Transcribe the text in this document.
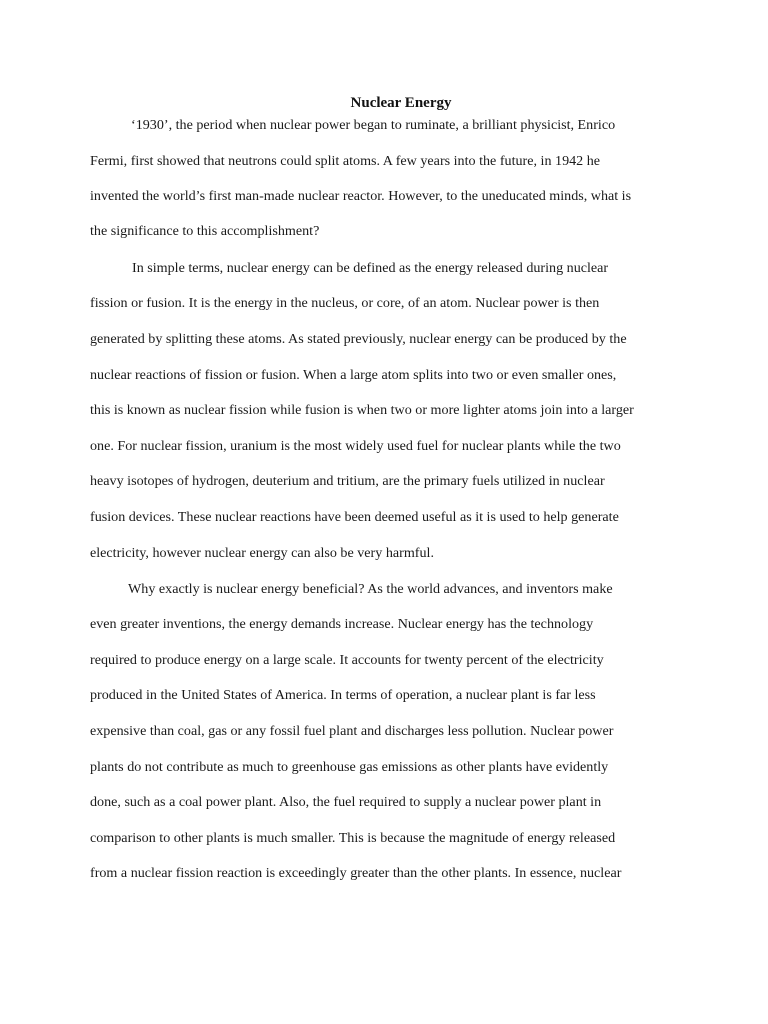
Nuclear Energy

‘1930’, the period when nuclear power began to ruminate, a brilliant physicist, Enrico

Fermi, first showed that neutrons could split atoms. A few years into the future, in 1942 he

invented the world’s first man-made nuclear reactor. However, to the uneducated minds, what is

the significance to this accomplishment?

In simple terms, nuclear energy can be defined as the energy released during nuclear

fission or fusion. It is the energy in the nucleus, or core, of an atom. Nuclear power is then

generated by splitting these atoms. As stated previously, nuclear energy can be produced by the

nuclear reactions of fission or fusion. When a large atom splits into two or even smaller ones,

this is known as nuclear fission while fusion is when two or more lighter atoms join into a larger

one. For nuclear fission, uranium is the most widely used fuel for nuclear plants while the two

heavy isotopes of hydrogen, deuterium and tritium, are the primary fuels utilized in nuclear

fusion devices. These nuclear reactions have been deemed useful as it is used to help generate

electricity, however nuclear energy can also be very harmful.

Why exactly is nuclear energy beneficial? As the world advances, and inventors make

even greater inventions, the energy demands increase. Nuclear energy has the technology

required to produce energy on a large scale. It accounts for twenty percent of the electricity

produced in the United States of America. In terms of operation, a nuclear plant is far less

expensive than coal, gas or any fossil fuel plant and discharges less pollution. Nuclear power

plants do not contribute as much to greenhouse gas emissions as other plants have evidently

done, such as a coal power plant. Also, the fuel required to supply a nuclear power plant in

comparison to other plants is much smaller. This is because the magnitude of energy released

from a nuclear fission reaction is exceedingly greater than the other plants. In essence, nuclear
